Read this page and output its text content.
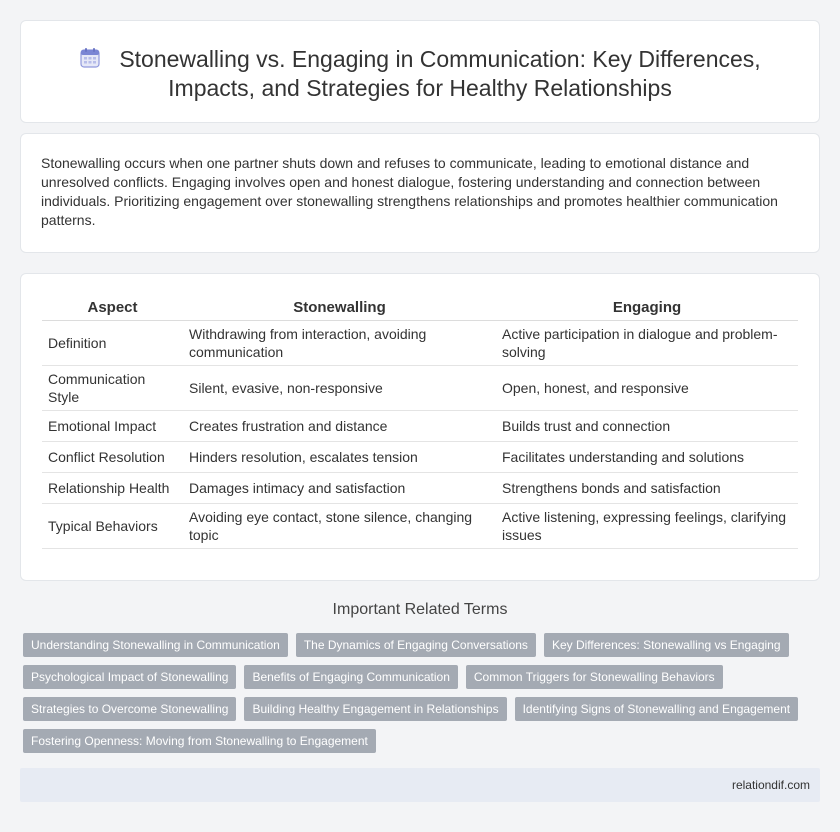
Stonewalling vs. Engaging in Communication: Key Differences, Impacts, and Strategies for Healthy Relationships

Stonewalling occurs when one partner shuts down and refuses to communicate, leading to emotional distance and unresolved conflicts. Engaging involves open and honest dialogue, fostering understanding and connection between individuals. Prioritizing engagement over stonewalling strengthens relationships and promotes healthier communication patterns.

Aspect	Stonewalling	Engaging
Definition	Withdrawing from interaction, avoiding communication	Active participation in dialogue and problem-solving
Communication Style	Silent, evasive, non-responsive	Open, honest, and responsive
Emotional Impact	Creates frustration and distance	Builds trust and connection
Conflict Resolution	Hinders resolution, escalates tension	Facilitates understanding and solutions
Relationship Health	Damages intimacy and satisfaction	Strengthens bonds and satisfaction
Typical Behaviors	Avoiding eye contact, stone silence, changing topic	Active listening, expressing feelings, clarifying issues
Important Related Terms
Understanding Stonewalling in Communication	The Dynamics of Engaging Conversations	Key Differences: Stonewalling vs Engaging
Psychological Impact of Stonewalling	Benefits of Engaging Communication	Common Triggers for Stonewalling Behaviors
Strategies to Overcome Stonewalling	Building Healthy Engagement in Relationships	Identifying Signs of Stonewalling and Engagement
Fostering Openness: Moving from Stonewalling to Engagement
relationdif.com
